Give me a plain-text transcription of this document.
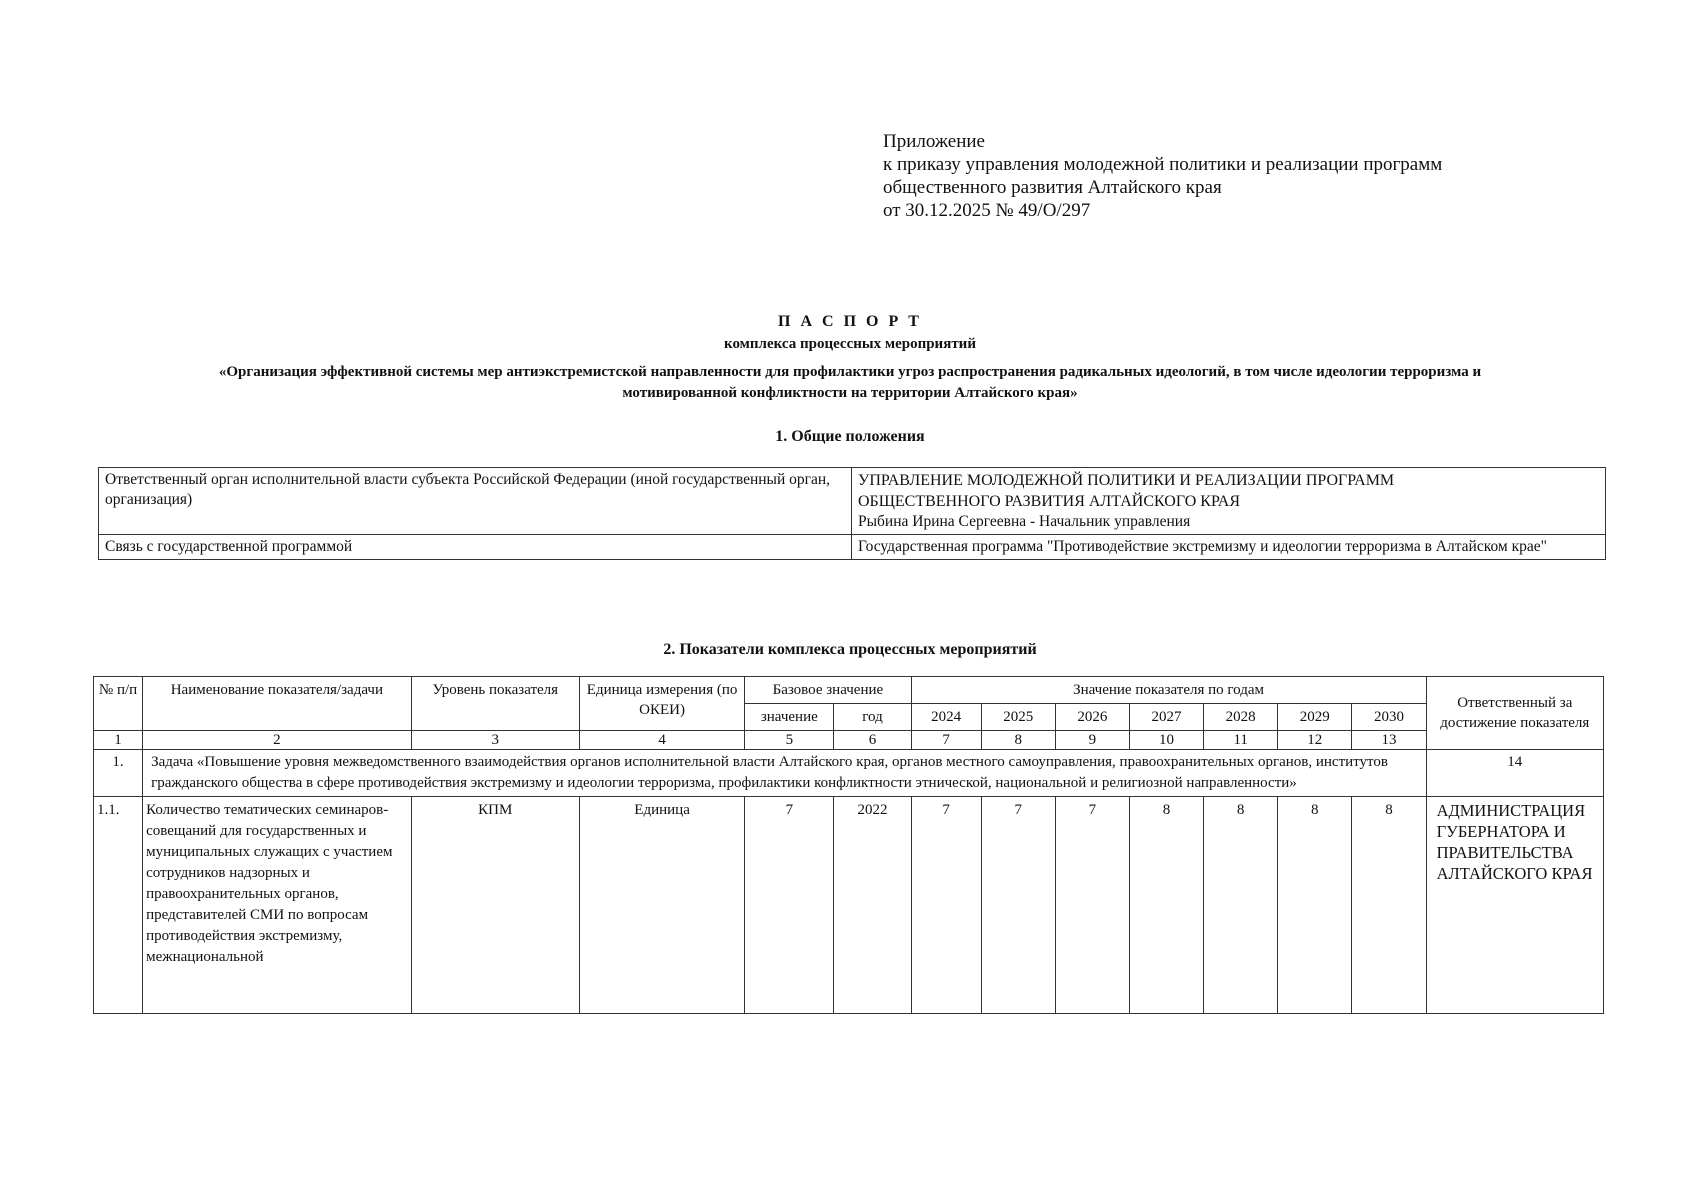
Приложение
к приказу управления молодежной политики и реализации программ
общественного развития Алтайского края
от 30.12.2025 № 49/О/297
П А С П О Р Т
комплекса процессных мероприятий
«Организация эффективной системы мер антиэкстремистской направленности для профилактики угроз распространения радикальных идеологий, в том числе идеологии терроризма и
мотивированной конфликтности на территории Алтайского края»
1. Общие положения
Ответственный орган исполнительной власти субъекта Российской Федерации (иной государственный орган, организация)	УПРАВЛЕНИЕ МОЛОДЕЖНОЙ ПОЛИТИКИ И РЕАЛИЗАЦИИ ПРОГРАММ
ОБЩЕСТВЕННОГО РАЗВИТИЯ АЛТАЙСКОГО КРАЯ
Рыбина Ирина Сергеевна - Начальник управления

Связь с государственной программой	Государственная программа "Противодействие экстремизму и идеологии терроризма в Алтайском крае"
2. Показатели комплекса процессных мероприятий
№ п/п	Наименование показателя/задачи	Уровень показателя	Единица измерения (по ОКЕИ)	Базовое значение		Значение показателя по годам							Ответственный за достижение показателя
				значение	год	2024	2025	2026	2027	2028	2029	2030	
1	2	3	4	5	6	7	8	9	10	11	12	13	
1.	Задача «Повышение уровня межведомственного взаимодействия органов исполнительной власти Алтайского края, органов местного самоуправления, правоохранительных органов, институтов гражданского общества в сфере противодействия экстремизму и идеологии терроризма, профилактики конфликтности этнической, национальной и религиозной направленности»												14
1.1.	Количество тематических семинаров-совещаний для государственных и муниципальных служащих с участием сотрудников надзорных и правоохранительных органов, представителей СМИ по вопросам противодействия экстремизму, межнациональной	КПМ	Единица	7	2022	7	7	7	8	8	8	8	АДМИНИСТРАЦИЯ ГУБЕРНАТОРА И ПРАВИТЕЛЬСТВА АЛТАЙСКОГО КРАЯ
